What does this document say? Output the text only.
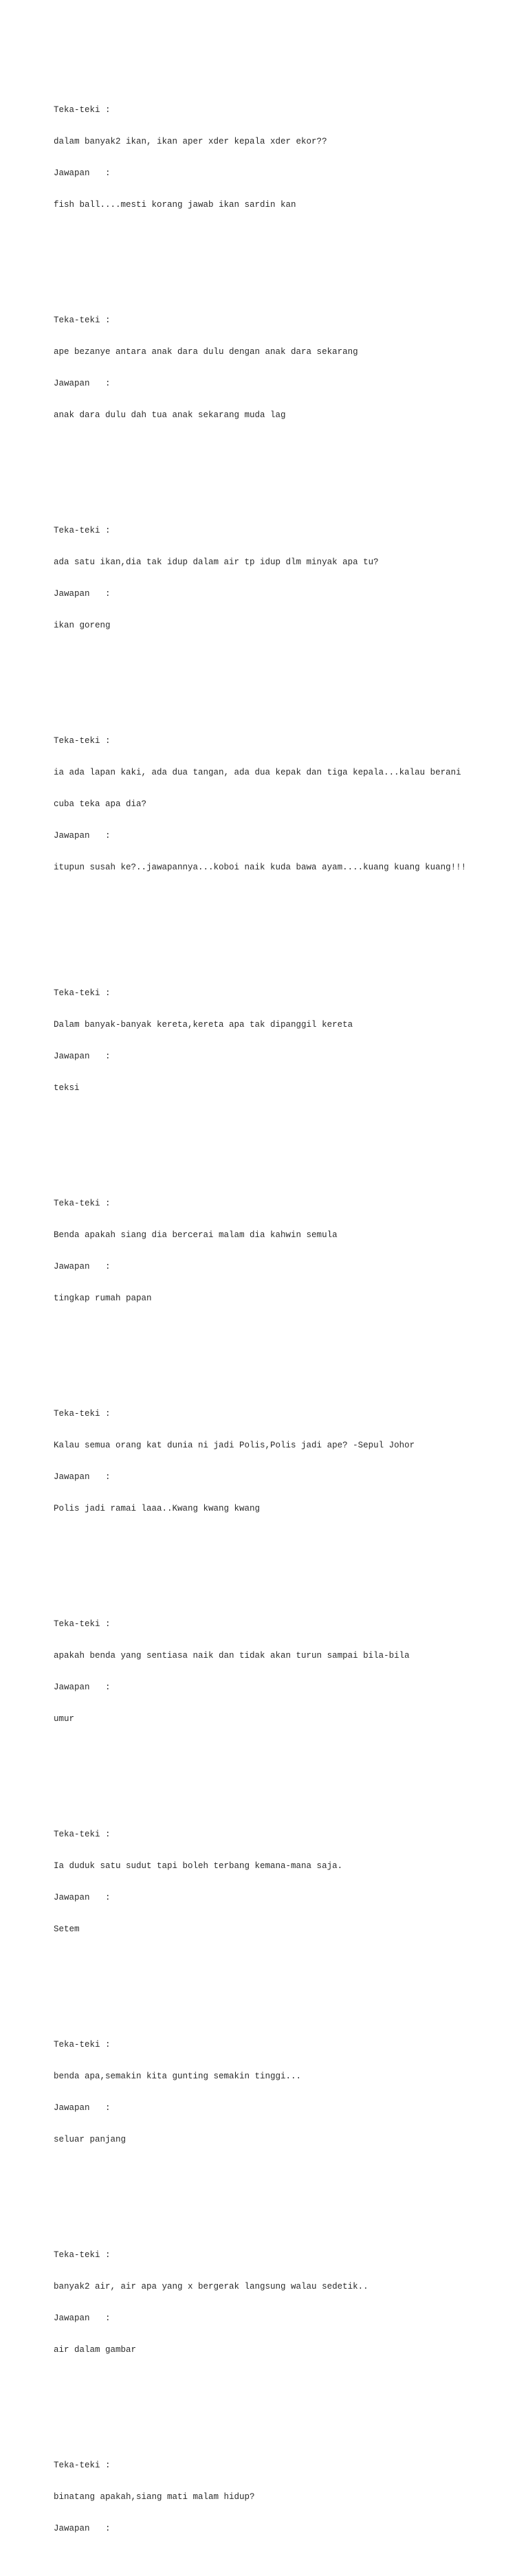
Teka-teki :

dalam banyak2 ikan, ikan aper xder kepala xder ekor??

Jawapan   :

fish ball....mesti korang jawab ikan sardin kan

Teka-teki :

ape bezanye antara anak dara dulu dengan anak dara sekarang

Jawapan   :

anak dara dulu dah tua anak sekarang muda lag

Teka-teki :

ada satu ikan,dia tak idup dalam air tp idup dlm minyak apa tu?

Jawapan   :

ikan goreng

Teka-teki :

ia ada lapan kaki, ada dua tangan, ada dua kepak dan tiga kepala...kalau berani

cuba teka apa dia?

Jawapan   :

itupun susah ke?..jawapannya...koboi naik kuda bawa ayam....kuang kuang kuang!!!

Teka-teki :

Dalam banyak-banyak kereta,kereta apa tak dipanggil kereta

Jawapan   :

teksi

Teka-teki :

Benda apakah siang dia bercerai malam dia kahwin semula

Jawapan   :

tingkap rumah papan

Teka-teki :

Kalau semua orang kat dunia ni jadi Polis,Polis jadi ape? -Sepul Johor

Jawapan   :

Polis jadi ramai laaa..Kwang kwang kwang

Teka-teki :

apakah benda yang sentiasa naik dan tidak akan turun sampai bila-bila

Jawapan   :

umur

Teka-teki :

Ia duduk satu sudut tapi boleh terbang kemana-mana saja.

Jawapan   :

Setem

Teka-teki :

benda apa,semakin kita gunting semakin tinggi...

Jawapan   :

seluar panjang

Teka-teki :

banyak2 air, air apa yang x bergerak langsung walau sedetik..

Jawapan   :

air dalam gambar

Teka-teki :

binatang apakah,siang mati malam hidup?

Jawapan   :
